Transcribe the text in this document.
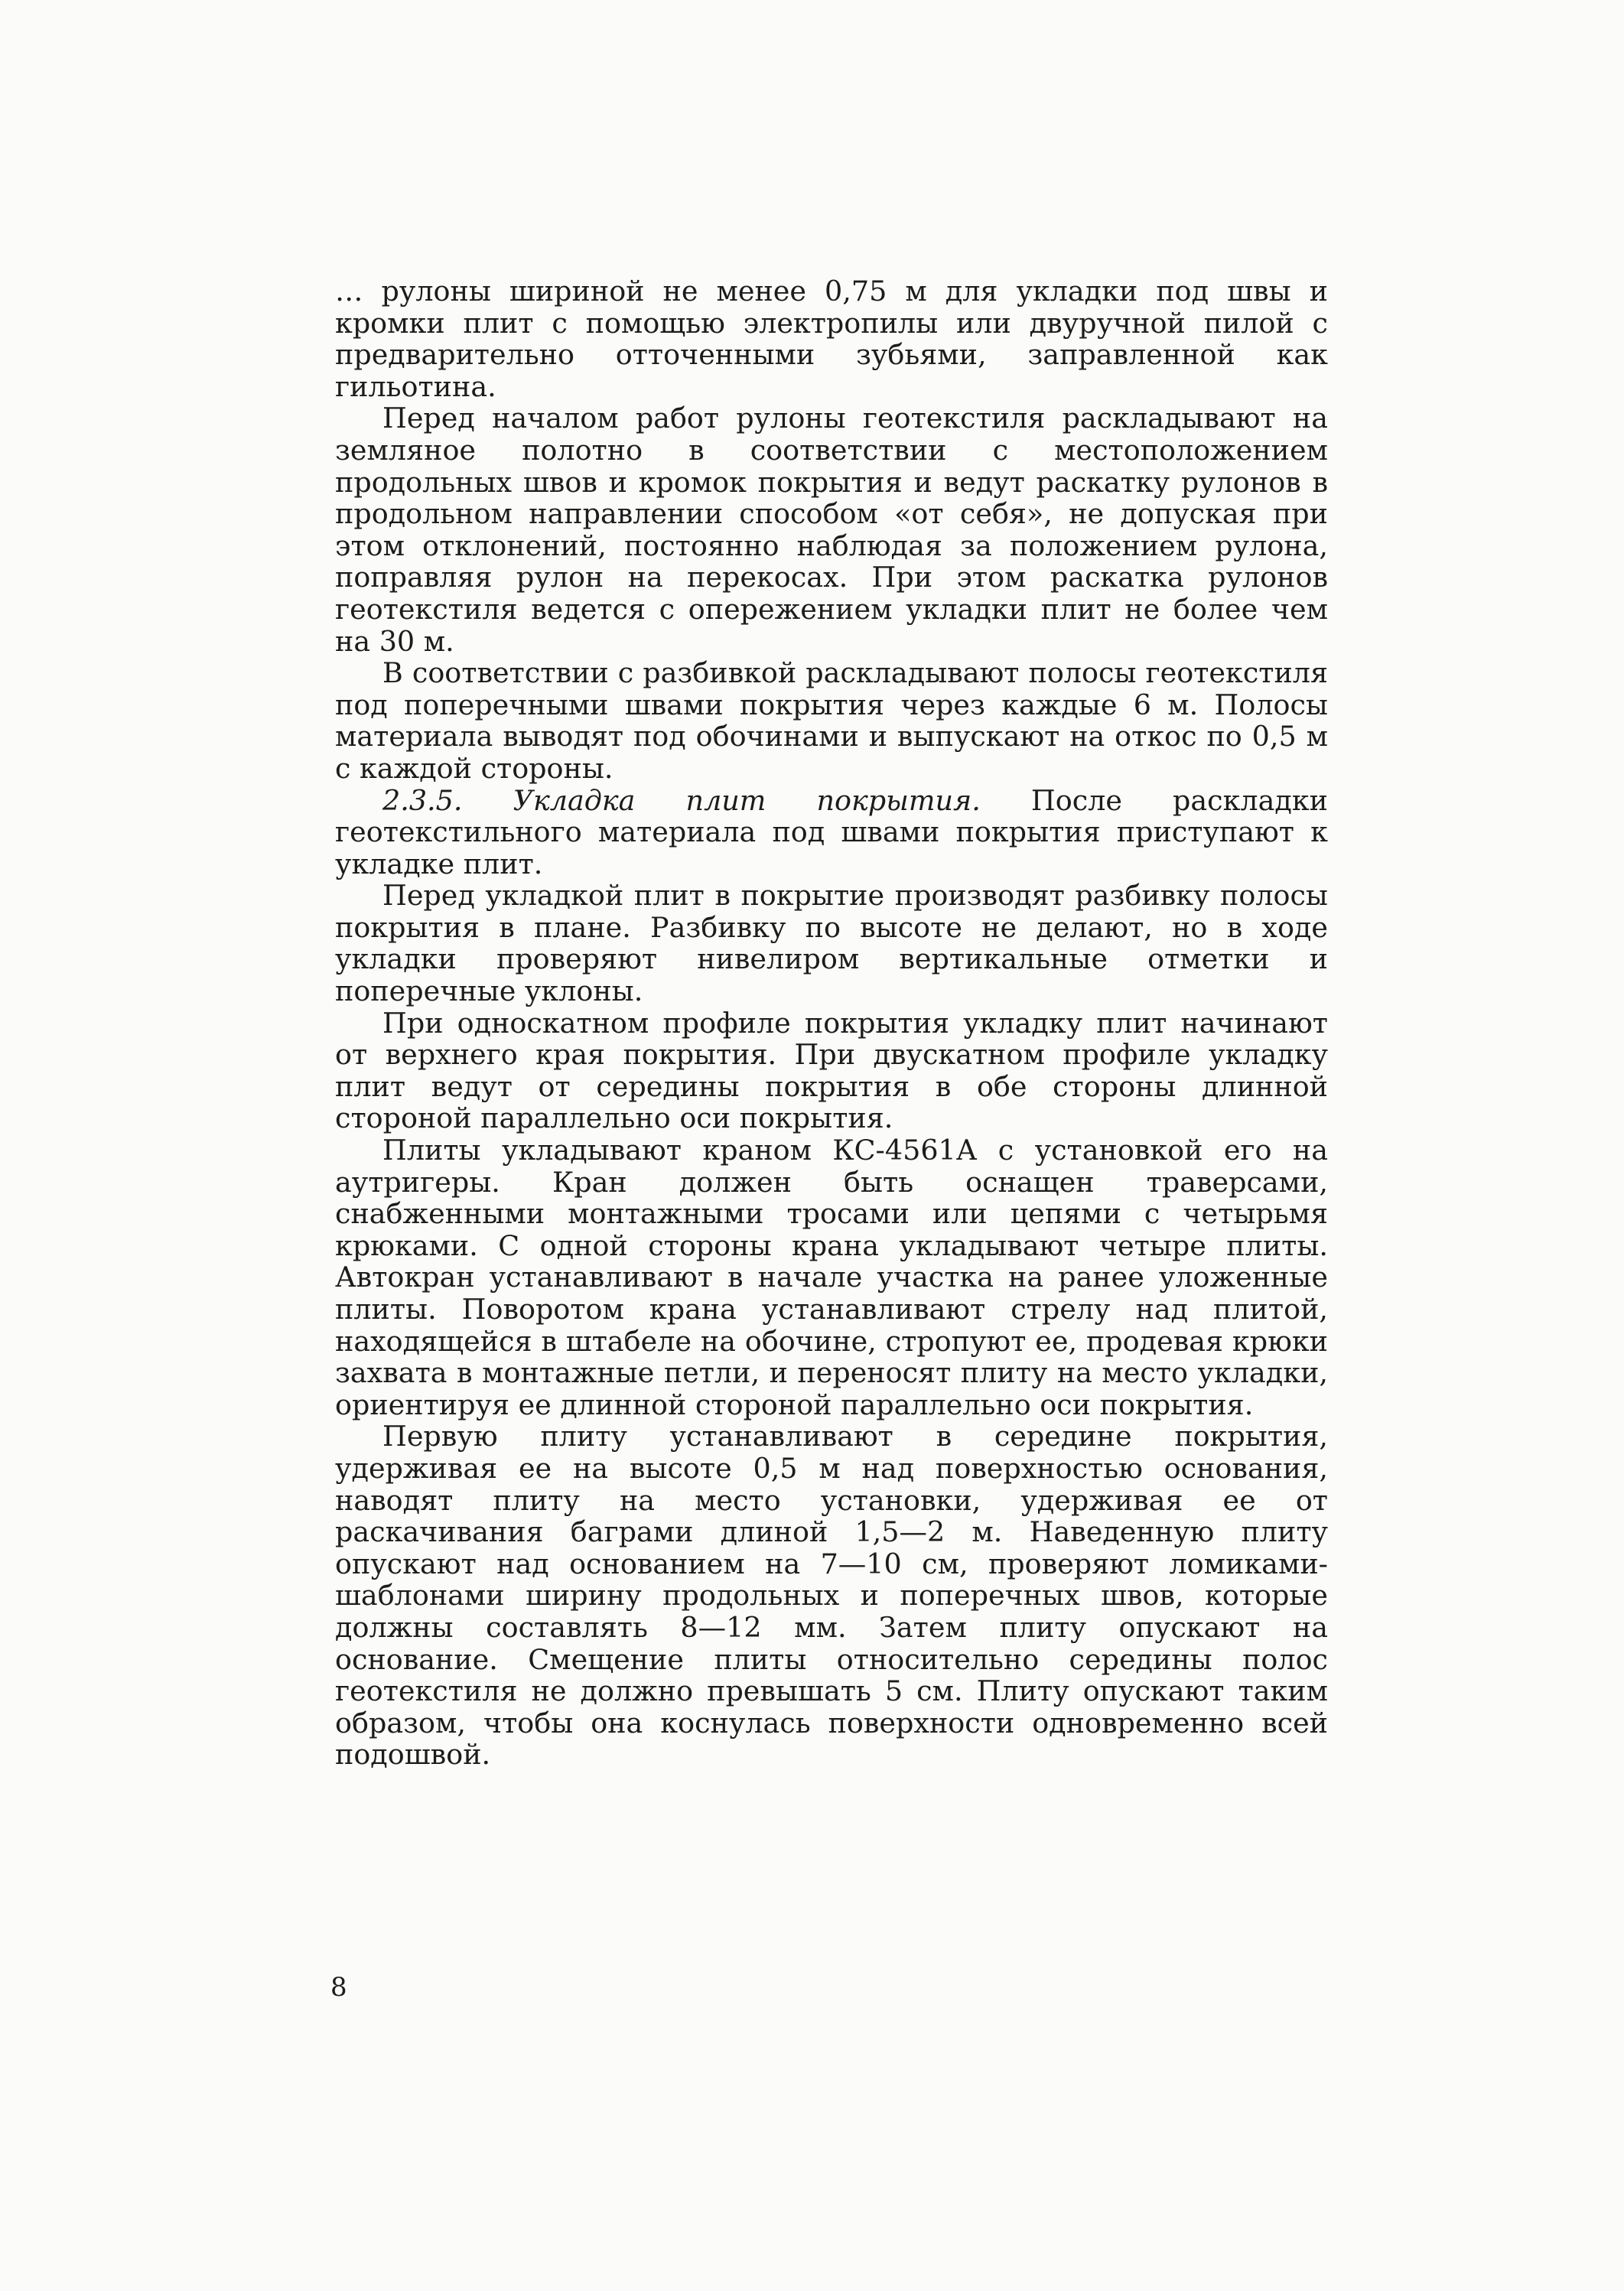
… рулоны шириной не менее 0,75 м для укладки под швы и кромки плит с помощью электропилы или двуручной пилой с предварительно отточенными зубьями, заправленной как гильотина.

Перед началом работ рулоны геотекстиля раскладывают на земляное полотно в соответствии с местоположением продольных швов и кромок покрытия и ведут раскатку рулонов в продольном направлении способом «от себя», не допуская при этом отклонений, постоянно наблюдая за положением рулона, поправляя рулон на перекосах. При этом раскатка рулонов геотекстиля ведется с опережением укладки плит не более чем на 30 м.

В соответствии с разбивкой раскладывают полосы геотекстиля под поперечными швами покрытия через каждые 6 м. Полосы материала выводят под обочинами и выпускают на откос по 0,5 м с каждой стороны.

2.3.5. Укладка плит покрытия. После раскладки геотекстильного материала под швами покрытия приступают к укладке плит.

Перед укладкой плит в покрытие производят разбивку полосы покрытия в плане. Разбивку по высоте не делают, но в ходе укладки проверяют нивелиром вертикальные отметки и поперечные уклоны.

При односкатном профиле покрытия укладку плит начинают от верхнего края покрытия. При двускатном профиле укладку плит ведут от середины покрытия в обе стороны длинной стороной параллельно оси покрытия.

Плиты укладывают краном КС-4561А с установкой его на аутригеры. Кран должен быть оснащен траверсами, снабженными монтажными тросами или цепями с четырьмя крюками. С одной стороны крана укладывают четыре плиты. Автокран устанавливают в начале участка на ранее уложенные плиты. Поворотом крана устанавливают стрелу над плитой, находящейся в штабеле на обочине, стропуют ее, продевая крюки захвата в монтажные петли, и переносят плиту на место укладки, ориентируя ее длинной стороной параллельно оси покрытия.

Первую плиту устанавливают в середине покрытия, удерживая ее на высоте 0,5 м над поверхностью основания, наводят плиту на место установки, удерживая ее от раскачивания баграми длиной 1,5—2 м. Наведенную плиту опускают над основанием на 7—10 см, проверяют ломиками-шаблонами ширину продольных и поперечных швов, которые должны составлять 8—12 мм. Затем плиту опускают на основание. Смещение плиты относительно середины полос геотекстиля не должно превышать 5 см. Плиту опускают таким образом, чтобы она коснулась поверхности одновременно всей подошвой.

8
